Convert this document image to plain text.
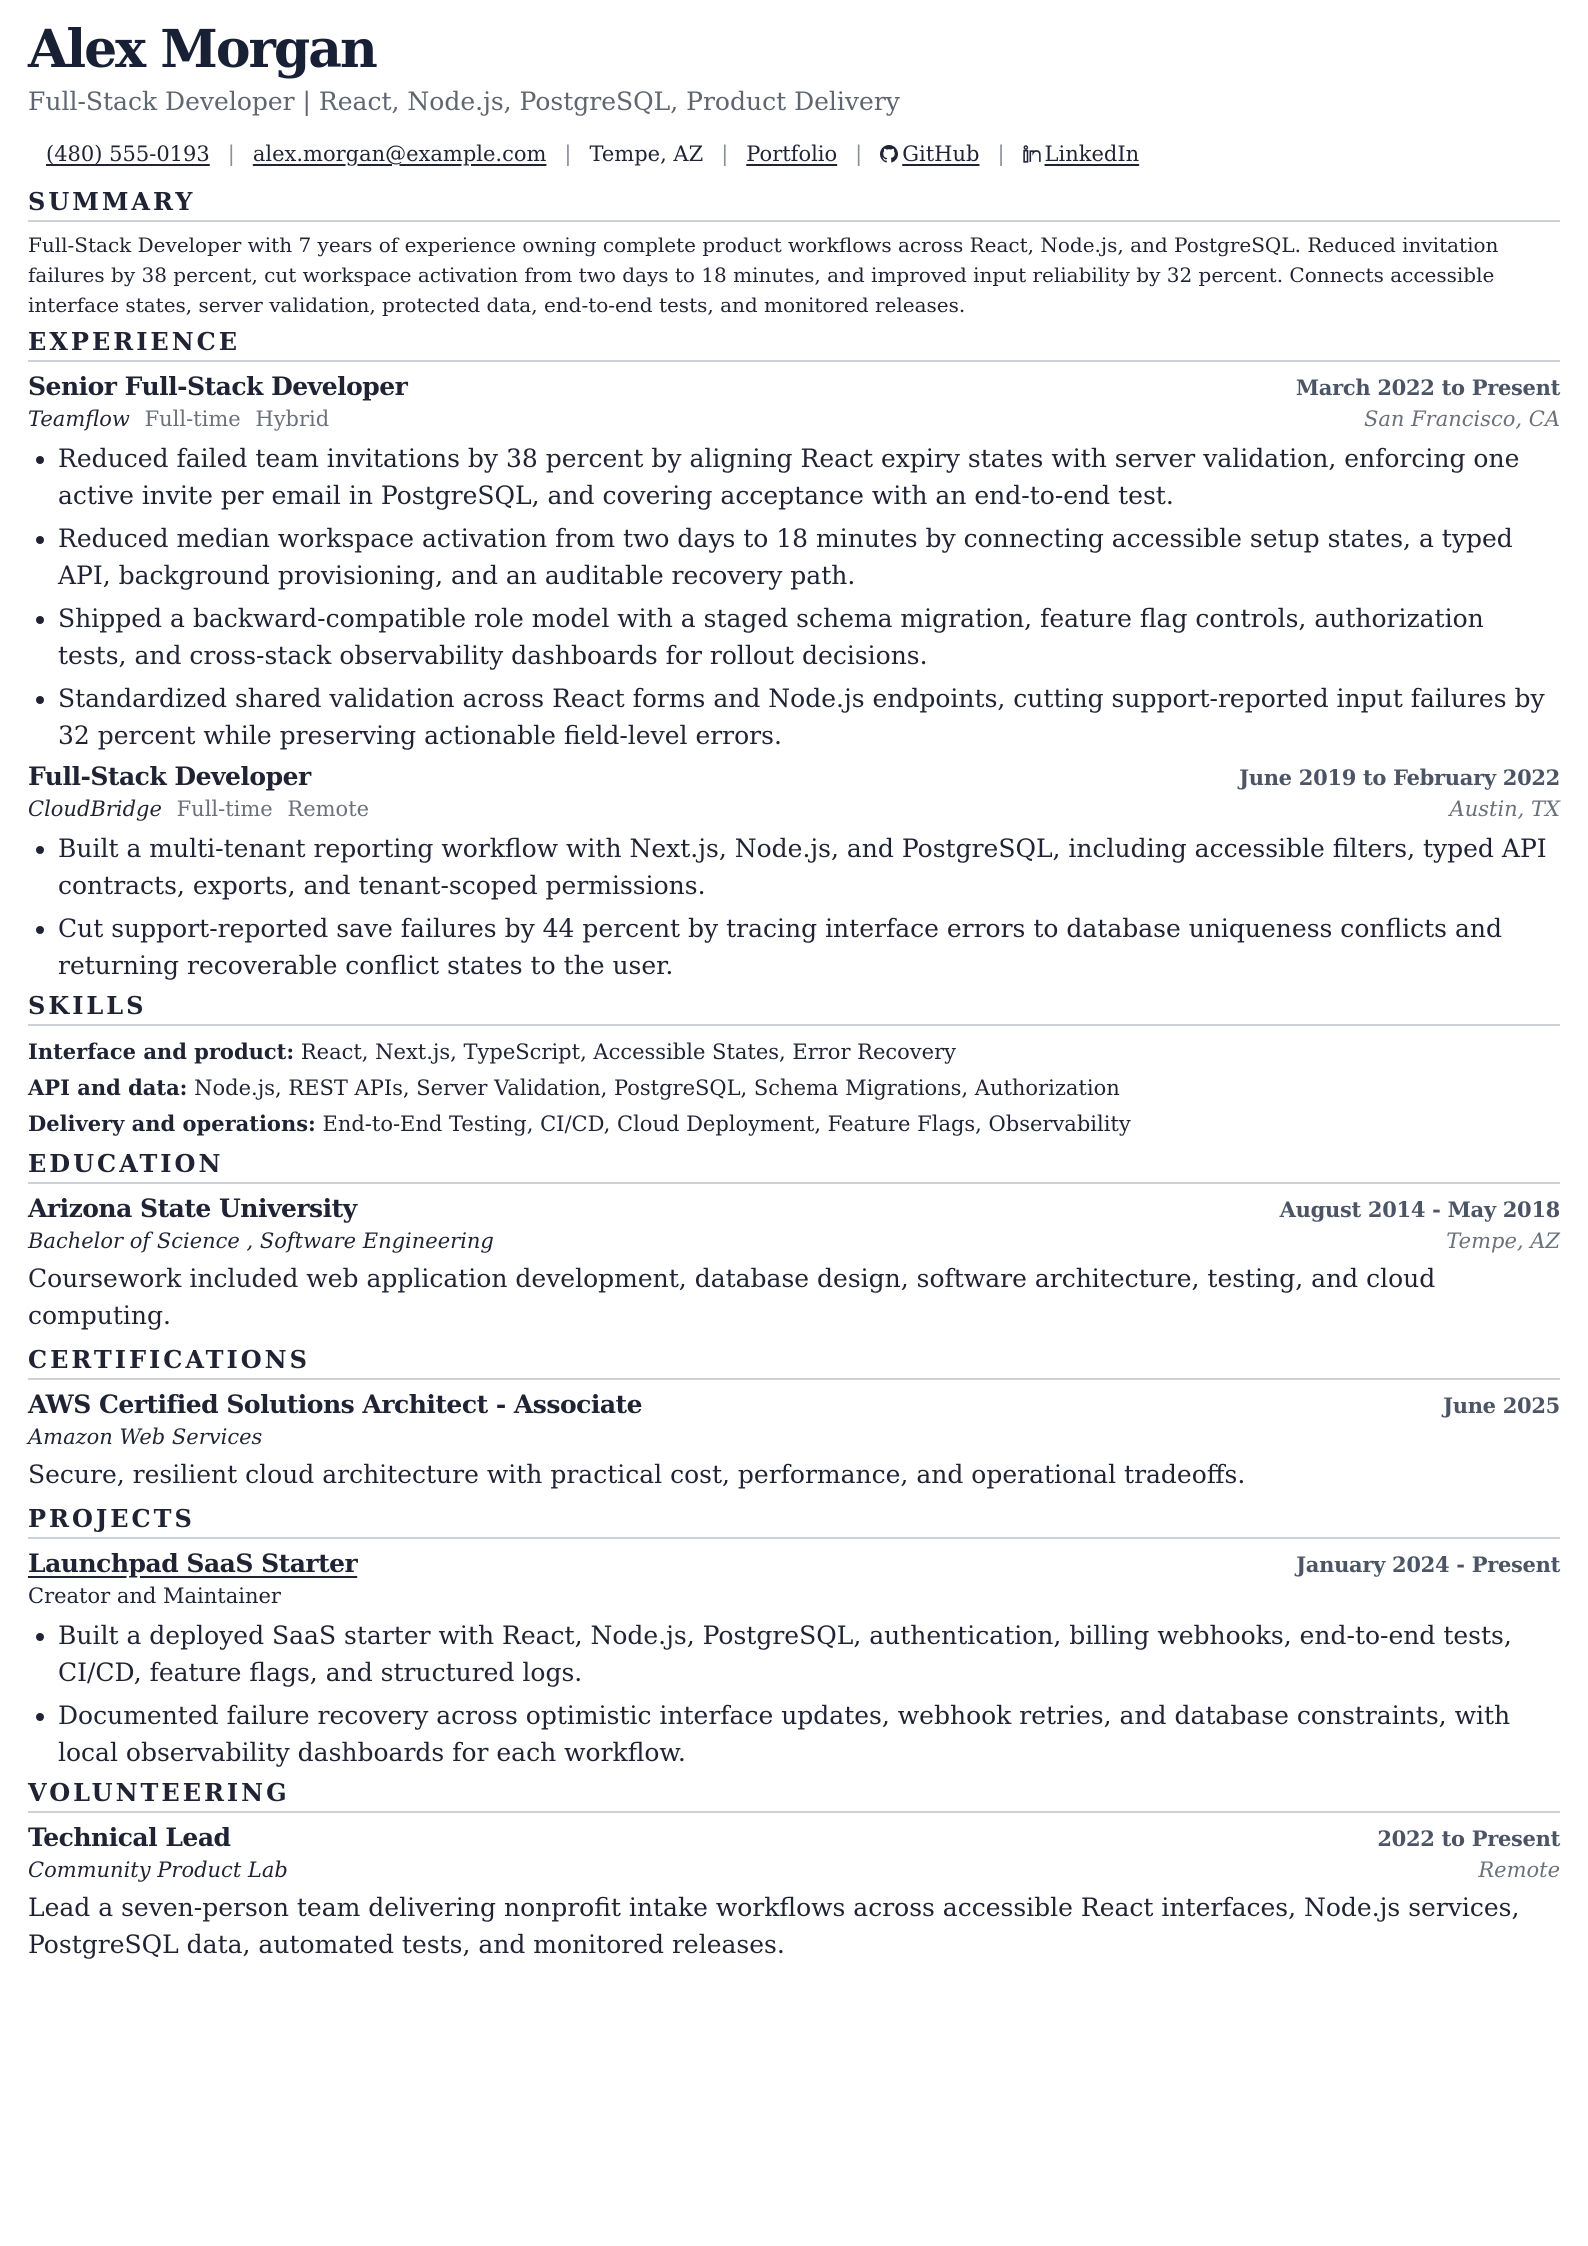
Alex Morgan
Full-Stack Developer | React, Node.js, PostgreSQL, Product Delivery
(480) 555-0193 | alex.morgan@example.com | Tempe, AZ | Portfolio | GitHub | LinkedIn
SUMMARY
Full-Stack Developer with 7 years of experience owning complete product workflows across React, Node.js, and PostgreSQL. Reduced invitation failures by 38 percent, cut workspace activation from two days to 18 minutes, and improved input reliability by 32 percent. Connects accessible interface states, server validation, protected data, end-to-end tests, and monitored releases.
EXPERIENCE
Senior Full-Stack Developer	March 2022 to Present
Teamflow Full-time Hybrid	San Francisco, CA
• Reduced failed team invitations by 38 percent by aligning React expiry states with server validation, enforcing one active invite per email in PostgreSQL, and covering acceptance with an end-to-end test.
• Reduced median workspace activation from two days to 18 minutes by connecting accessible setup states, a typed API, background provisioning, and an auditable recovery path.
• Shipped a backward-compatible role model with a staged schema migration, feature flag controls, authorization tests, and cross-stack observability dashboards for rollout decisions.
• Standardized shared validation across React forms and Node.js endpoints, cutting support-reported input failures by 32 percent while preserving actionable field-level errors.
Full-Stack Developer	June 2019 to February 2022
CloudBridge Full-time Remote	Austin, TX
• Built a multi-tenant reporting workflow with Next.js, Node.js, and PostgreSQL, including accessible filters, typed API contracts, exports, and tenant-scoped permissions.
• Cut support-reported save failures by 44 percent by tracing interface errors to database uniqueness conflicts and returning recoverable conflict states to the user.
SKILLS
Interface and product: React, Next.js, TypeScript, Accessible States, Error Recovery
API and data: Node.js, REST APIs, Server Validation, PostgreSQL, Schema Migrations, Authorization
Delivery and operations: End-to-End Testing, CI/CD, Cloud Deployment, Feature Flags, Observability
EDUCATION
Arizona State University	August 2014 - May 2018
Bachelor of Science , Software Engineering	Tempe, AZ
Coursework included web application development, database design, software architecture, testing, and cloud computing.
CERTIFICATIONS
AWS Certified Solutions Architect - Associate	June 2025
Amazon Web Services
Secure, resilient cloud architecture with practical cost, performance, and operational tradeoffs.
PROJECTS
Launchpad SaaS Starter	January 2024 - Present
Creator and Maintainer
• Built a deployed SaaS starter with React, Node.js, PostgreSQL, authentication, billing webhooks, end-to-end tests, CI/CD, feature flags, and structured logs.
• Documented failure recovery across optimistic interface updates, webhook retries, and database constraints, with local observability dashboards for each workflow.
VOLUNTEERING
Technical Lead	2022 to Present
Community Product Lab	Remote
Lead a seven-person team delivering nonprofit intake workflows across accessible React interfaces, Node.js services, PostgreSQL data, automated tests, and monitored releases.
